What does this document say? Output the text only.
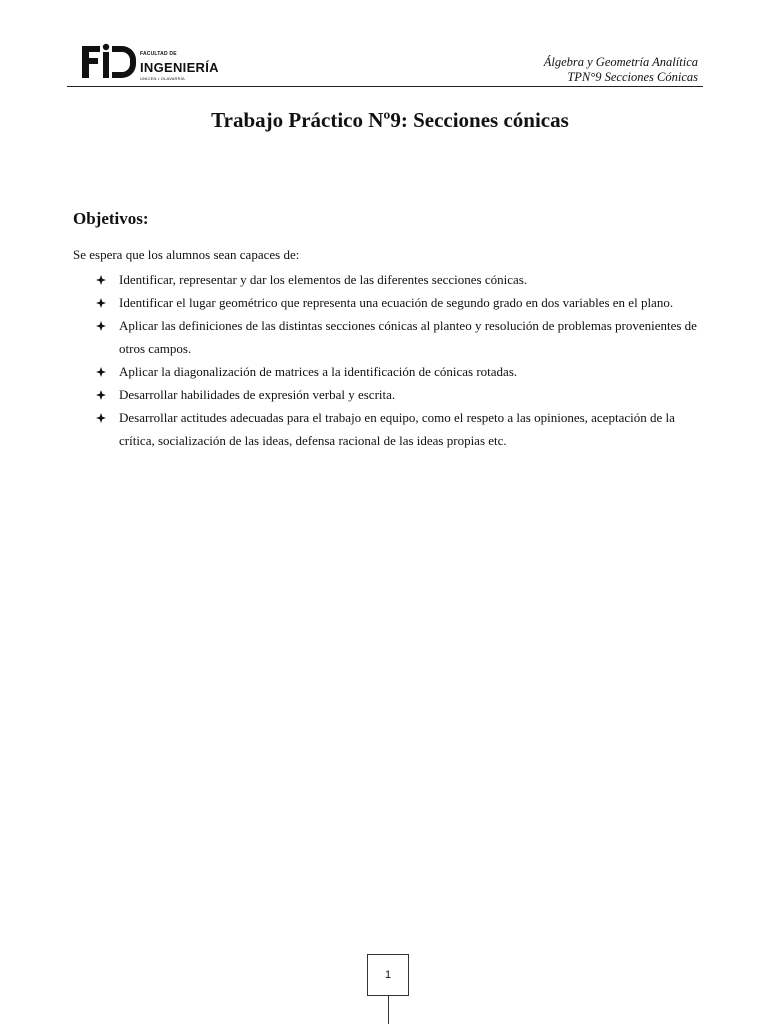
FACULTAD DE
INGENIERÍA
UNICEN • OLAVARRÍA
Álgebra y Geometría Analítica
TPN°9 Secciones Cónicas
Trabajo Práctico Nº9: Secciones cónicas
Objetivos:
Se espera que los alumnos sean capaces de:
Identificar, representar y dar los elementos de las diferentes secciones cónicas.
Identificar el lugar geométrico que representa una ecuación de segundo grado en dos variables en el plano.
Aplicar las definiciones de las distintas secciones cónicas al planteo y resolución de problemas provenientes de otros campos.
Aplicar la diagonalización de matrices a la identificación de cónicas rotadas.
Desarrollar habilidades de expresión verbal y escrita.
Desarrollar actitudes adecuadas para el trabajo en equipo, como el respeto a las opiniones, aceptación de la crítica, socialización de las ideas, defensa racional de las ideas propias etc.
1
